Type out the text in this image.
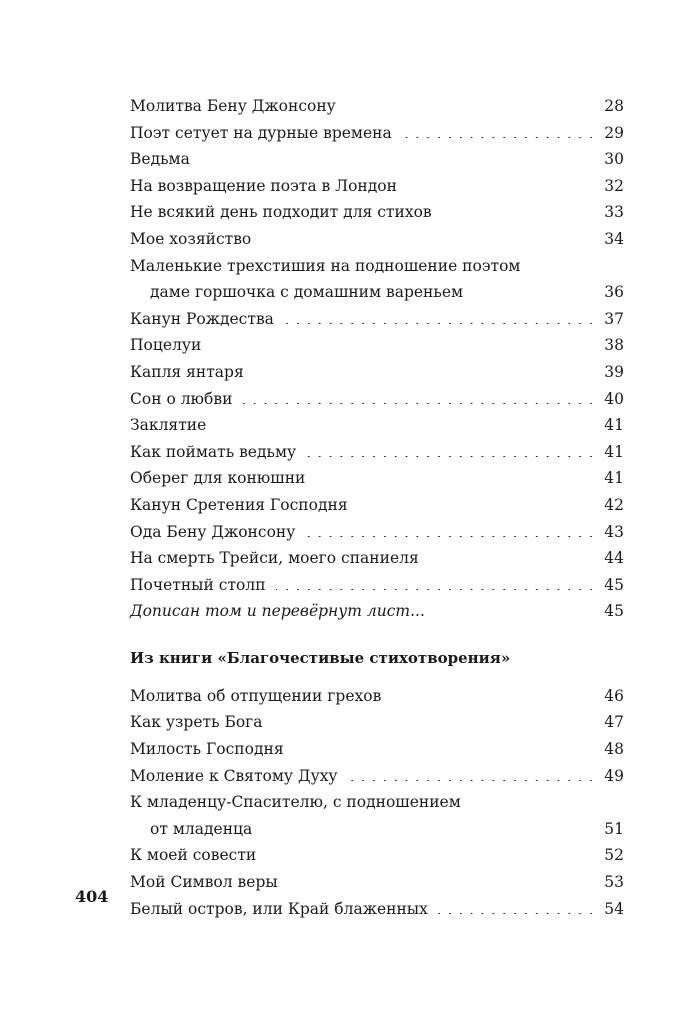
Молитва Бену Джонсону . . .	28
Поэт сетует на дурные времена . . .	29
Ведьма . . .	30
На возвращение поэта в Лондон . . .	32
Не всякий день подходит для стихов . . .	33
Мое хозяйство . . .	34
Маленькие трехстишия на подношение поэтом
даме горшочка с домашним вареньем . . .	36
Канун Рождества . . .	37
Поцелуи . . .	38
Капля янтаря . . .	39
Сон о любви . . .	40
Заклятие . . .	41
Как поймать ведьму . . .	41
Оберег для конюшни . . .	41
Канун Сретения Господня . . .	42
Ода Бену Джонсону . . .	43
На смерть Трейси, моего спаниеля . . .	44
Почетный столп . . .	45
Дописан том и перевёрнут лист... . . .	45
Из книги «Благочестивые стихотворения»
Молитва об отпущении грехов . . .	46
Как узреть Бога . . .	47
Милость Господня . . .	48
Моление к Святому Духу . . .	49
К младенцу-Спасителю, с подношением
от младенца . . .	51
К моей совести . . .	52
Мой Символ веры . . .	53
Белый остров, или Край блаженных . . .	54
404
